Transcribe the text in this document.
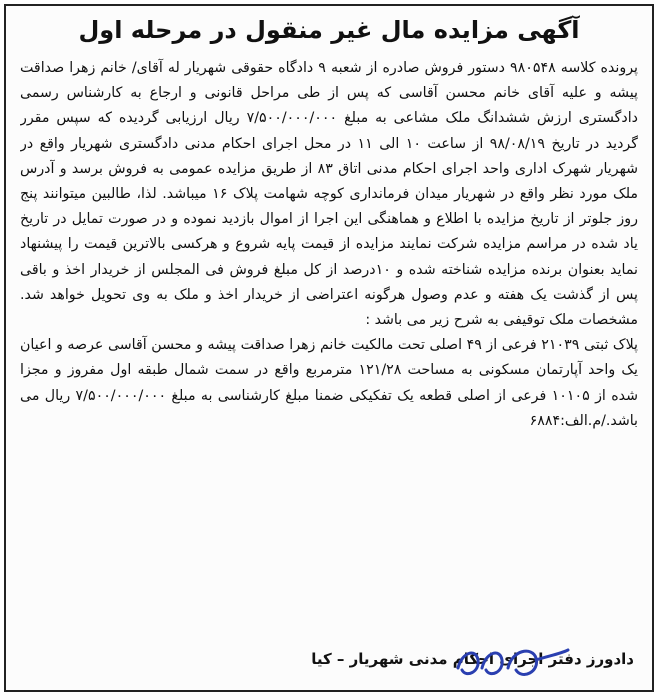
آگهی مزایده مال غیر منقول در مرحله اول

پرونده کلاسه ۹۸۰۵۴۸ دستور فروش صادره از شعبه ۹ دادگاه حقوقی شهریار له آقای/ خانم زهرا صداقت پیشه و علیه آقای خانم محسن آقاسی که پس از طی مراحل قانونی و ارجاع به کارشناس رسمی دادگستری ارزش ششدانگ ملک مشاعی به مبلغ ۷/۵۰۰/۰۰۰/۰۰۰ ریال ارزیابی گردیده که سپس مقرر گردید در تاریخ ۹۸/۰۸/۱۹ از ساعت ۱۰ الی ۱۱ در محل اجرای احکام مدنی دادگستری شهریار واقع در شهریار شهرک اداری واحد اجرای احکام مدنی اتاق ۸۳ از طریق مزایده عمومی به فروش برسد و آدرس ملک مورد نظر واقع در شهریار میدان فرمانداری کوچه شهامت پلاک ۱۶ میباشد. لذا، طالبین میتوانند پنج روز جلوتر از تاریخ مزایده با اطلاع و هماهنگی این اجرا از اموال بازدید نموده و در صورت تمایل در تاریخ یاد شده در مراسم مزایده شرکت نمایند مزایده از قیمت پایه شروع و هرکسی بالاترین قیمت را پیشنهاد نماید بعنوان برنده مزایده شناخته شده و ۱۰درصد از کل مبلغ فروش فی المجلس از خریدار اخذ و باقی پس از گذشت یک هفته و عدم وصول هرگونه اعتراضی از خریدار اخذ و ملک به وی تحویل خواهد شد. مشخصات ملک توقیفی به شرح زیر می باشد :

پلاک ثبتی ۲۱۰۳۹ فرعی از ۴۹ اصلی تحت مالکیت خانم زهرا صداقت پیشه و محسن آقاسی عرصه و اعیان یک واحد آپارتمان مسکونی به مساحت ۱۲۱/۲۸ مترمربع واقع در سمت شمال طبقه اول مفروز و مجزا شده از ۱۰۱۰۵ فرعی از اصلی قطعه یک تفکیکی ضمنا مبلغ کارشناسی به مبلغ ۷/۵۰۰/۰۰۰/۰۰۰ ریال می باشد./م.الف:۶۸۸۴

دادورز دفتر اجرای احکام مدنی شهریار – کیا
